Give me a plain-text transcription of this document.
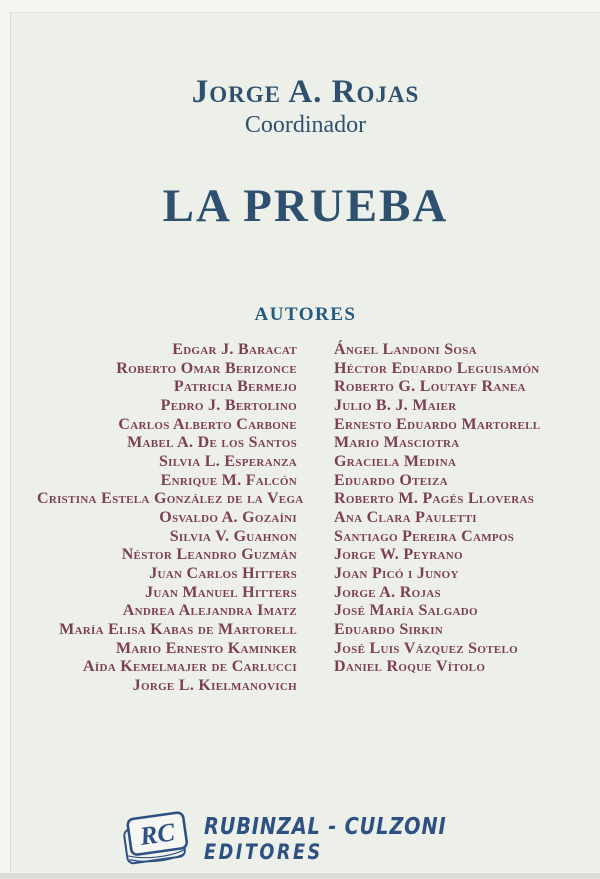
Jorge A. Rojas
Coordinador
LA PRUEBA
AUTORES
Edgar J. Baracat
Roberto Omar Berizonce
Patricia Bermejo
Pedro J. Bertolino
Carlos Alberto Carbone
Mabel A. De los Santos
Silvia L. Esperanza
Enrique M. Falcón
Cristina Estela González de la Vega
Osvaldo A. Gozaíni
Silvia V. Guahnon
Néstor Leandro Guzmán
Juan Carlos Hitters
Juan Manuel Hitters
Andrea Alejandra Imatz
María Elisa Kabas de Martorell
Mario Ernesto Kaminker
Aída Kemelmajer de Carlucci
Jorge L. Kielmanovich
Ángel Landoni Sosa
Héctor Eduardo Leguisamón
Roberto G. Loutayf Ranea
Julio B. J. Maier
Ernesto Eduardo Martorell
Mario Masciotra
Graciela Medina
Eduardo Oteiza
Roberto M. Pagés Lloveras
Ana Clara Pauletti
Santiago Pereira Campos
Jorge W. Peyrano
Joan Picó i Junoy
Jorge A. Rojas
José María Salgado
Eduardo Sirkin
José Luis Vázquez Sotelo
Daniel Roque Vítolo
RC RUBINZAL - CULZONI
EDITORES
